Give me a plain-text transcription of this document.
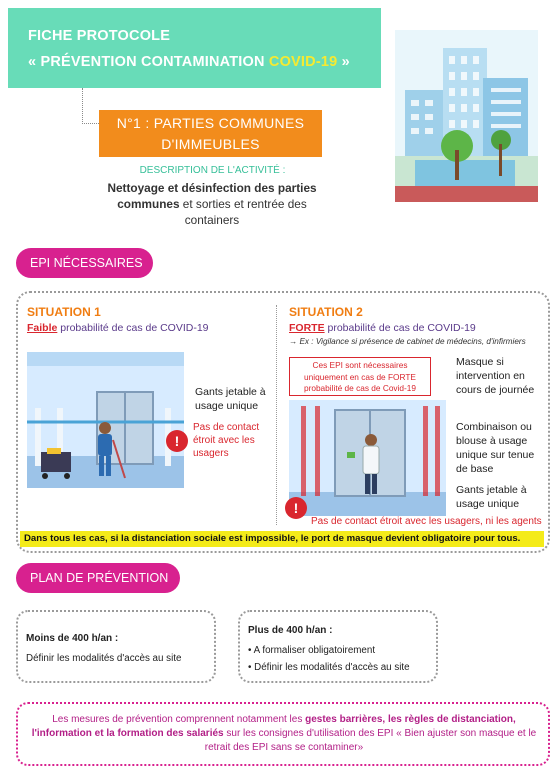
FICHE PROTOCOLE
« PRÉVENTION CONTAMINATION COVID-19 »
N°1 : PARTIES COMMUNES
D'IMMEUBLES
DESCRIPTION DE L'ACTIVITÉ :
Nettoyage et désinfection des parties communes et sorties et rentrée des containers
EPI NÉCESSAIRES
SITUATION 1
Faible probabilité de cas de COVID-19
Gants jetable à usage unique
!
Pas de contact étroit avec les usagers
SITUATION 2
FORTE probabilité de cas de COVID-19
→ Ex : Vigilance si présence de cabinet de médecins, d'infirmiers
Ces EPI sont nécessaires uniquement en cas de FORTE probabilité de cas de Covid-19
Masque si intervention en cours de journée
Combinaison ou blouse à usage unique sur tenue de base
Gants jetable à usage unique
!
Pas de contact étroit avec les usagers, ni les agents
Dans tous les cas, si la distanciation sociale est impossible, le port de masque devient obligatoire pour tous.
PLAN DE PRÉVENTION
Moins de 400 h/an :
Définir les modalités d'accès au site
Plus de 400 h/an :
• A formaliser obligatoirement
• Définir les modalités d'accès au site

Les mesures de prévention comprennent notamment les gestes barrières, les règles de distanciation, l'information et la formation des salariés sur les consignes d'utilisation des EPI « Bien ajuster son masque et le retrait des EPI sans se contaminer»
